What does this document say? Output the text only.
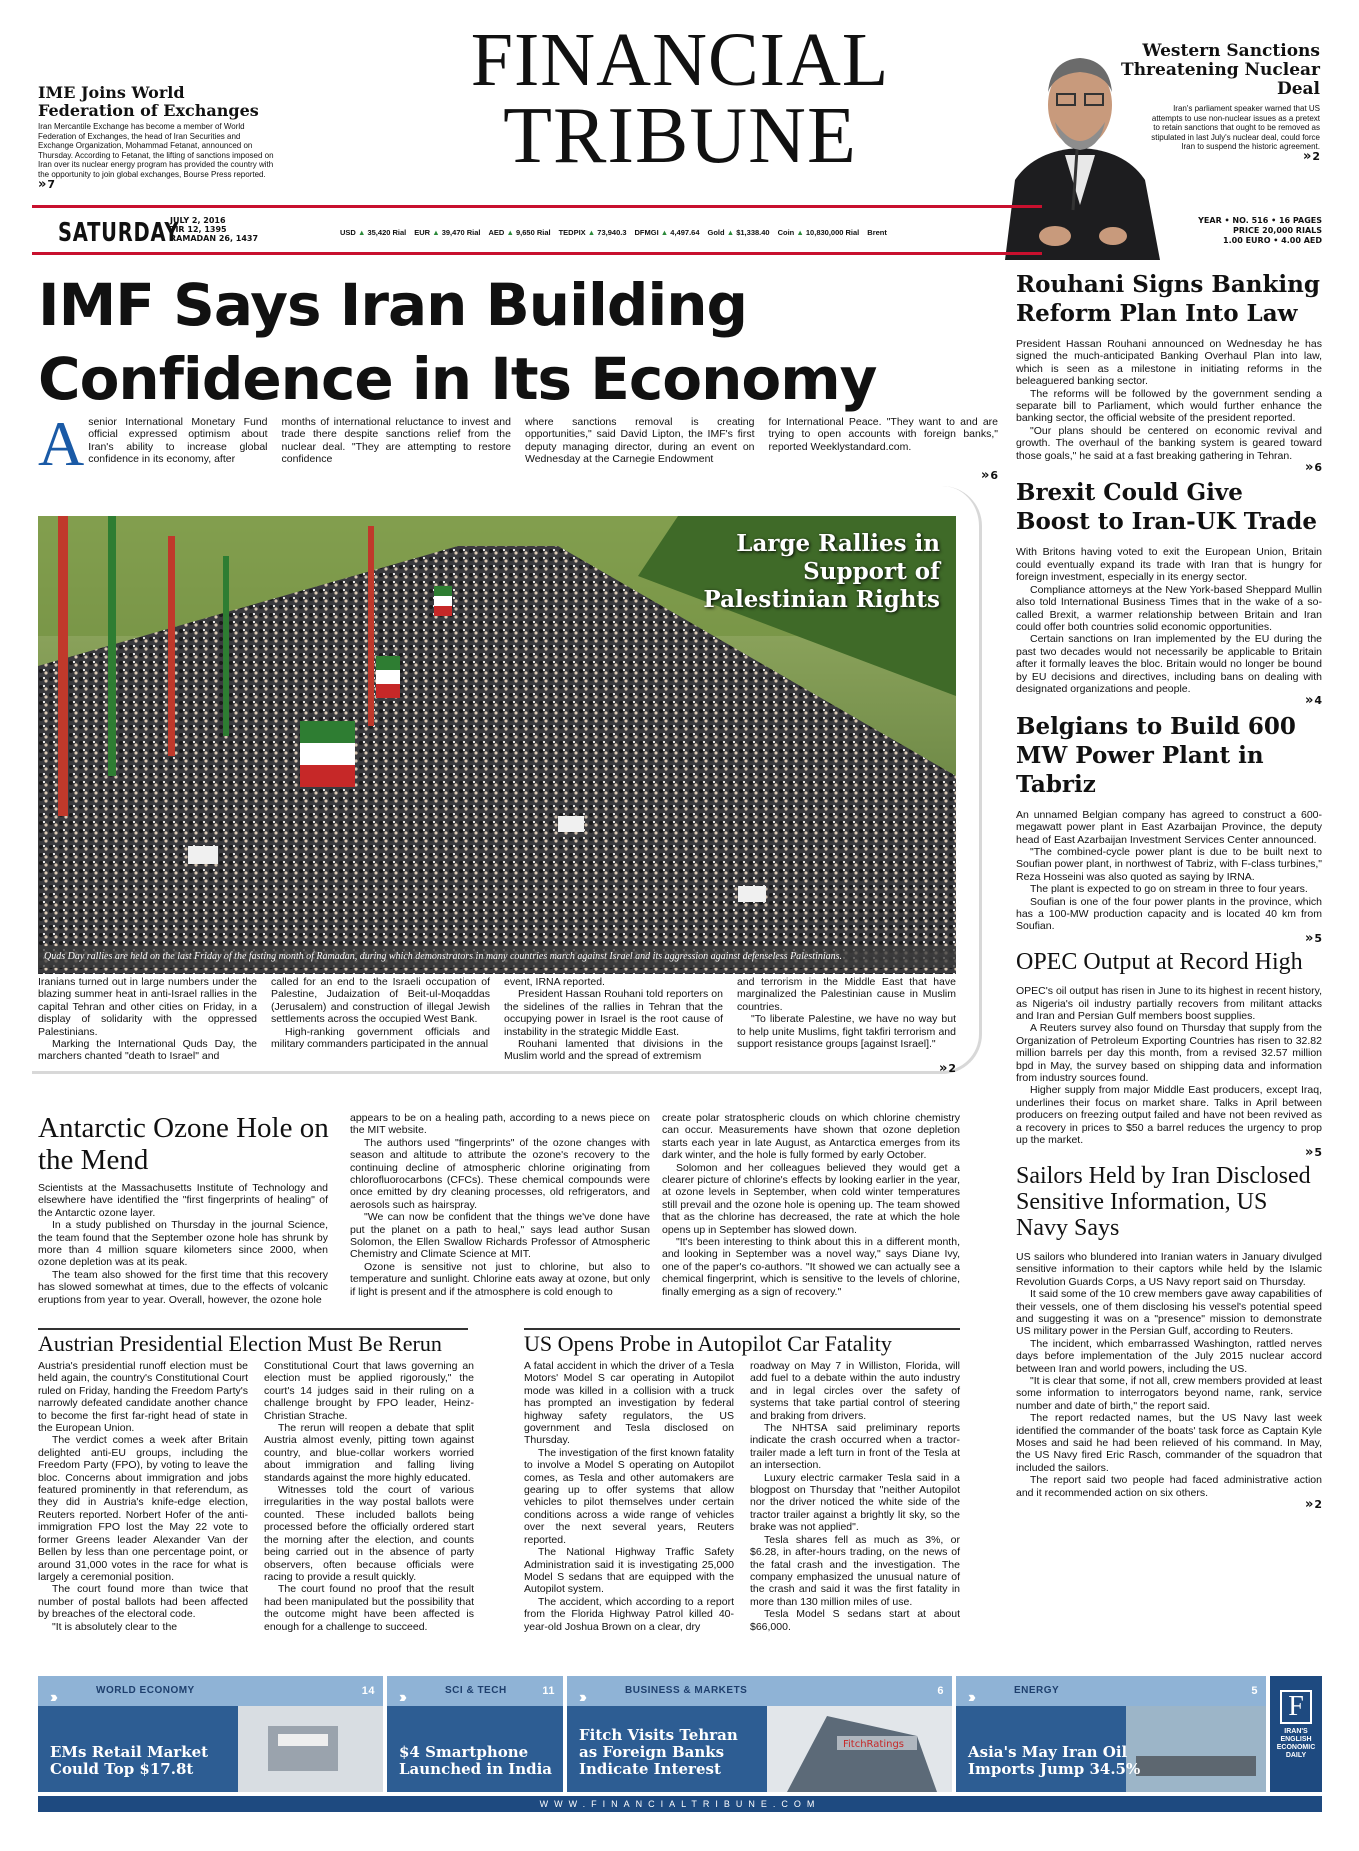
FINANCIAL
TRIBUNE
IME Joins World Federation of Exchanges
Iran Mercantile Exchange has become a member of World Federation of Exchanges, the head of Iran Securities and Exchange Organization, Mohammad Fetanat, announced on Thursday. According to Fetanat, the lifting of sanctions imposed on Iran over its nuclear energy program has provided the country with the opportunity to join global exchanges, Bourse Press reported. » 7
Western Sanctions Threatening Nuclear Deal
Iran's parliament speaker warned that US attempts to use non-nuclear issues as a pretext to retain sanctions that ought to be removed as stipulated in last July's nuclear deal, could force Iran to suspend the historic agreement.
» 2
SATURDAY
JULY 2, 2016
TIR 12, 1395
RAMADAN 26, 1437
USD ▲ 35,420 Rial EUR ▲ 39,470 Rial AED ▲ 9,650 Rial TEDPIX ▲ 73,940.3 DFMGI ▲ 4,497.64 Gold ▲ $1,338.40 Coin ▲ 10,830,000 Rial Brent
YEAR • NO. 516 • 16 PAGES
PRICE 20,000 RIALS
1.00 EURO • 4.00 AED
IMF Says Iran Building Confidence in Its Economy
Asenior International Monetary Fund official expressed optimism about Iran's ability to increase global confidence in its economy, after
months of international reluctance to invest and trade there despite sanctions relief from the nuclear deal. "They are attempting to restore confidence
where sanctions removal is creating opportunities," said David Lipton, the IMF's first deputy managing director, during an event on Wednesday at the Carnegie Endowment
for International Peace. "They want to and are trying to open accounts with foreign banks," reported Weeklystandard.com.
» 6
Large Rallies in Support of Palestinian Rights
Quds Day rallies are held on the last Friday of the fasting month of Ramadan, during which demonstrators in many countries march against Israel and its aggression against defenseless Palestinians.

Iranians turned out in large numbers under the blazing summer heat in anti-Israel rallies in the capital Tehran and other cities on Friday, in a display of solidarity with the oppressed Palestinians.

Marking the International Quds Day, the marchers chanted "death to Israel" and

called for an end to the Israeli occupation of Palestine, Judaization of Beit-ul-Moqaddas (Jerusalem) and construction of illegal Jewish settlements across the occupied West Bank.

High-ranking government officials and military commanders participated in the annual

event, IRNA reported.

President Hassan Rouhani told reporters on the sidelines of the rallies in Tehran that the occupying power in Israel is the root cause of instability in the strategic Middle East.

Rouhani lamented that divisions in the Muslim world and the spread of extremism

and terrorism in the Middle East that have marginalized the Palestinian cause in Muslim countries.

"To liberate Palestine, we have no way but to help unite Muslims, fight takfiri terrorism and support resistance groups [against Israel]."

» 2
Rouhani Signs Banking Reform Plan Into Law

President Hassan Rouhani announced on Wednesday he has signed the much-anticipated Banking Overhaul Plan into law, which is seen as a milestone in initiating reforms in the beleaguered banking sector.

The reforms will be followed by the government sending a separate bill to Parliament, which would further enhance the banking sector, the official website of the president reported.

"Our plans should be centered on economic revival and growth. The overhaul of the banking system is geared toward those goals," he said at a fast breaking gathering in Tehran.

» 6
Brexit Could Give Boost to Iran-UK Trade

With Britons having voted to exit the European Union, Britain could eventually expand its trade with Iran that is hungry for foreign investment, especially in its energy sector.

Compliance attorneys at the New York-based Sheppard Mullin also told International Business Times that in the wake of a so-called Brexit, a warmer relationship between Britain and Iran could offer both countries solid economic opportunities.

Certain sanctions on Iran implemented by the EU during the past two decades would not necessarily be applicable to Britain after it formally leaves the bloc. Britain would no longer be bound by EU decisions and directives, including bans on dealing with designated organizations and people.

» 4
Belgians to Build 600 MW Power Plant in Tabriz

An unnamed Belgian company has agreed to construct a 600-megawatt power plant in East Azarbaijan Province, the deputy head of East Azarbaijan Investment Services Center announced.

"The combined-cycle power plant is due to be built next to Soufian power plant, in northwest of Tabriz, with F-class turbines," Reza Hosseini was also quoted as saying by IRNA.

The plant is expected to go on stream in three to four years.

Soufian is one of the four power plants in the province, which has a 100-MW production capacity and is located 40 km from Soufian.

» 5
OPEC Output at Record High

OPEC's oil output has risen in June to its highest in recent history, as Nigeria's oil industry partially recovers from militant attacks and Iran and Persian Gulf members boost supplies.

A Reuters survey also found on Thursday that supply from the Organization of Petroleum Exporting Countries has risen to 32.82 million barrels per day this month, from a revised 32.57 million bpd in May, the survey based on shipping data and information from industry sources found.

Higher supply from major Middle East producers, except Iraq, underlines their focus on market share. Talks in April between producers on freezing output failed and have not been revived as a recovery in prices to $50 a barrel reduces the urgency to prop up the market.

» 5
Sailors Held by Iran Disclosed Sensitive Information, US Navy Says

US sailors who blundered into Iranian waters in January divulged sensitive information to their captors while held by the Islamic Revolution Guards Corps, a US Navy report said on Thursday.

It said some of the 10 crew members gave away capabilities of their vessels, one of them disclosing his vessel's potential speed and suggesting it was on a "presence" mission to demonstrate US military power in the Persian Gulf, according to Reuters.

The incident, which embarrassed Washington, rattled nerves days before implementation of the July 2015 nuclear accord between Iran and world powers, including the US.

"It is clear that some, if not all, crew members provided at least some information to interrogators beyond name, rank, service number and date of birth," the report said.

The report redacted names, but the US Navy last week identified the commander of the boats' task force as Captain Kyle Moses and said he had been relieved of his command. In May, the US Navy fired Eric Rasch, commander of the squadron that included the sailors.

The report said two people had faced administrative action and it recommended action on six others.

» 2
Antarctic Ozone Hole on the Mend

Scientists at the Massachusetts Institute of Technology and elsewhere have identified the "first fingerprints of healing" of the Antarctic ozone layer.

In a study published on Thursday in the journal Science, the team found that the September ozone hole has shrunk by more than 4 million square kilometers since 2000, when ozone depletion was at its peak.

The team also showed for the first time that this recovery has slowed somewhat at times, due to the effects of volcanic eruptions from year to year. Overall, however, the ozone hole

appears to be on a healing path, according to a news piece on the MIT website.

The authors used "fingerprints" of the ozone changes with season and altitude to attribute the ozone's recovery to the continuing decline of atmospheric chlorine originating from chlorofluorocarbons (CFCs). These chemical compounds were once emitted by dry cleaning processes, old refrigerators, and aerosols such as hairspray.

"We can now be confident that the things we've done have put the planet on a path to heal," says lead author Susan Solomon, the Ellen Swallow Richards Professor of Atmospheric Chemistry and Climate Science at MIT.

Ozone is sensitive not just to chlorine, but also to temperature and sunlight. Chlorine eats away at ozone, but only if light is present and if the atmosphere is cold enough to

create polar stratospheric clouds on which chlorine chemistry can occur. Measurements have shown that ozone depletion starts each year in late August, as Antarctica emerges from its dark winter, and the hole is fully formed by early October.

Solomon and her colleagues believed they would get a clearer picture of chlorine's effects by looking earlier in the year, at ozone levels in September, when cold winter temperatures still prevail and the ozone hole is opening up. The team showed that as the chlorine has decreased, the rate at which the hole opens up in September has slowed down.

"It's been interesting to think about this in a different month, and looking in September was a novel way," says Diane Ivy, one of the paper's co-authors. "It showed we can actually see a chemical fingerprint, which is sensitive to the levels of chlorine, finally emerging as a sign of recovery."

Austrian Presidential Election Must Be Rerun

Austria's presidential runoff election must be held again, the country's Constitutional Court ruled on Friday, handing the Freedom Party's narrowly defeated candidate another chance to become the first far-right head of state in the European Union.

The verdict comes a week after Britain delighted anti-EU groups, including the Freedom Party (FPO), by voting to leave the bloc. Concerns about immigration and jobs featured prominently in that referendum, as they did in Austria's knife-edge election, Reuters reported. Norbert Hofer of the anti-immigration FPO lost the May 22 vote to former Greens leader Alexander Van der Bellen by less than one percentage point, or around 31,000 votes in the race for what is largely a ceremonial position.

The court found more than twice that number of postal ballots had been affected by breaches of the electoral code.

"It is absolutely clear to the

Constitutional Court that laws governing an election must be applied rigorously," the court's 14 judges said in their ruling on a challenge brought by FPO leader, Heinz-Christian Strache.

The rerun will reopen a debate that split Austria almost evenly, pitting town against country, and blue-collar workers worried about immigration and falling living standards against the more highly educated.

Witnesses told the court of various irregularities in the way postal ballots were counted. These included ballots being processed before the officially ordered start the morning after the election, and counts being carried out in the absence of party observers, often because officials were racing to provide a result quickly.

The court found no proof that the result had been manipulated but the possibility that the outcome might have been affected is enough for a challenge to succeed.

US Opens Probe in Autopilot Car Fatality

A fatal accident in which the driver of a Tesla Motors' Model S car operating in Autopilot mode was killed in a collision with a truck has prompted an investigation by federal highway safety regulators, the US government and Tesla disclosed on Thursday.

The investigation of the first known fatality to involve a Model S operating on Autopilot comes, as Tesla and other automakers are gearing up to offer systems that allow vehicles to pilot themselves under certain conditions across a wide range of vehicles over the next several years, Reuters reported.

The National Highway Traffic Safety Administration said it is investigating 25,000 Model S sedans that are equipped with the Autopilot system.

The accident, which according to a report from the Florida Highway Patrol killed 40-year-old Joshua Brown on a clear, dry

roadway on May 7 in Williston, Florida, will add fuel to a debate within the auto industry and in legal circles over the safety of systems that take partial control of steering and braking from drivers.

The NHTSA said preliminary reports indicate the crash occurred when a tractor-trailer made a left turn in front of the Tesla at an intersection.

Luxury electric carmaker Tesla said in a blogpost on Thursday that "neither Autopilot nor the driver noticed the white side of the tractor trailer against a brightly lit sky, so the brake was not applied".

Tesla shares fell as much as 3%, or $6.28, in after-hours trading, on the news of the fatal crash and the investigation. The company emphasized the unusual nature of the crash and said it was the first fatality in more than 130 million miles of use.

Tesla Model S sedans start at about $66,000.

›››	WORLD ECONOMY	14
EMs Retail Market Could Top $17.8t
›››	SCI & TECH	11
$4 Smartphone Launched in India
›››	BUSINESS & MARKETS	6
FitchRatings
Fitch Visits Tehran as Foreign Banks Indicate Interest
›››	ENERGY	5
Asia's May Iran Oil Imports Jump 34.5%
F
IRAN'S ENGLISH ECONOMIC DAILY
WWW.FINANCIALTRIBUNE.COM
